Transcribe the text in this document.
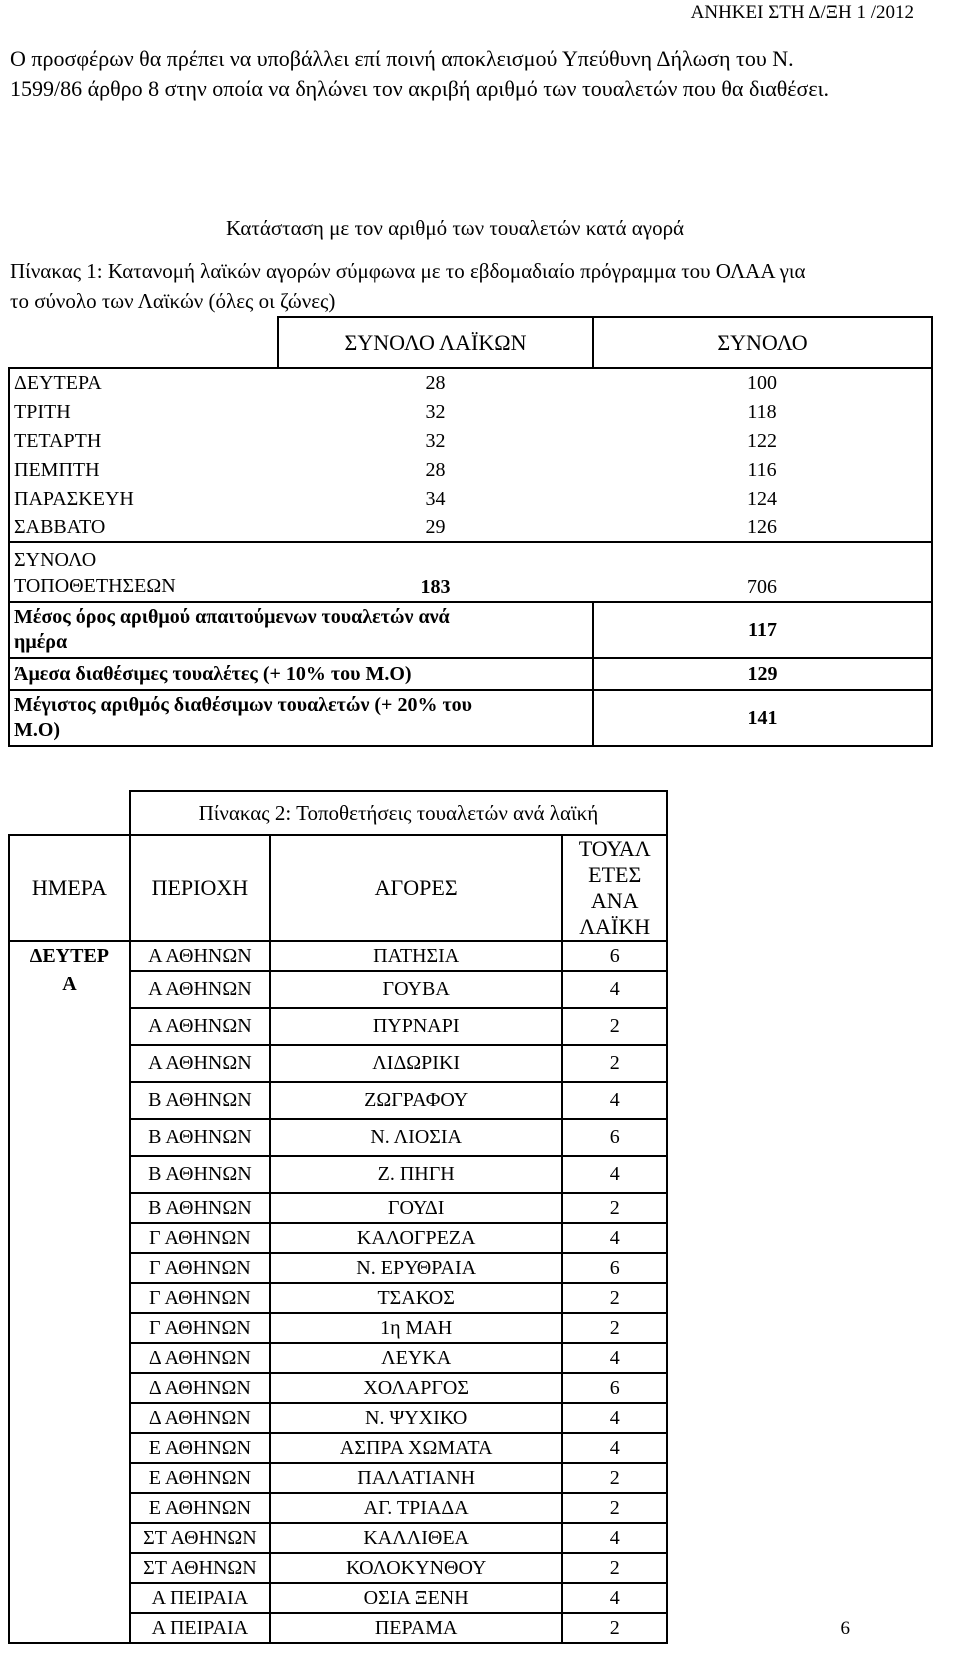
ΑΝΗΚΕΙ ΣΤΗ Δ/ΞΗ 1 /2012
Ο προσφέρων θα πρέπει να υποβάλλει επί ποινή αποκλεισμού Υπεύθυνη Δήλωση του Ν.
1599/86 άρθρο 8 στην οποία να δηλώνει τον ακριβή αριθμό των τουαλετών που θα διαθέσει.
Κατάσταση με τον αριθμό των τουαλετών κατά αγορά
Πίνακας 1: Κατανομή λαϊκών αγορών σύμφωνα με το εβδομαδιαίο πρόγραμμα του ΟΛΑΑ για
το σύνολο των Λαϊκών (όλες οι ζώνες)
	ΣΥΝΟΛΟ ΛΑΪΚΩΝ	ΣΥΝΟΛΟ
ΔΕΥΤΕΡΑ	28	100
ΤΡΙΤΗ	32	118
ΤΕΤΑΡΤΗ	32	122
ΠΕΜΠΤΗ	28	116
ΠΑΡΑΣΚΕΥΗ	34	124
ΣΑΒΒΑΤΟ	29	126

ΣΥΝΟΛΟ
ΤΟΠΟΘΕΤΗΣΕΩΝ	183	706

Μέσος όρος αριθμού απαιτούμενων τουαλετών ανά
ημέρα		117
Άμεσα διαθέσιμες τουαλέτες (+ 10% του Μ.Ο)		129

Μέγιστος αριθμός διαθέσιμων τουαλετών (+ 20% του
Μ.Ο)		141
	Πίνακας 2: Τοποθετήσεις τουαλετών ανά λαϊκή		
ΗΜΕΡΑ	ΠΕΡΙΟΧΗ	ΑΓΟΡΕΣ	ΤΟΥΑΛ
ΕΤΕΣ
ΑΝΑ
ΛΑΪΚΗ

ΔΕΥΤΕΡ
Α	Α ΑΘΗΝΩΝ	ΠΑΤΗΣΙΑ	6
	Α ΑΘΗΝΩΝ	ΓΟΥΒΑ	4
	Α ΑΘΗΝΩΝ	ΠΥΡΝΑΡΙ	2
	Α ΑΘΗΝΩΝ	ΛΙΔΩΡΙΚΙ	2
	Β ΑΘΗΝΩΝ	ΖΩΓΡΑΦΟΥ	4
	Β ΑΘΗΝΩΝ	Ν. ΛΙΟΣΙΑ	6
	Β ΑΘΗΝΩΝ	Ζ. ΠΗΓΗ	4
	Β ΑΘΗΝΩΝ	ΓΟΥΔΙ	2
	Γ ΑΘΗΝΩΝ	ΚΑΛΟΓΡΕΖΑ	4
	Γ ΑΘΗΝΩΝ	Ν. ΕΡΥΘΡΑΙΑ	6
	Γ ΑΘΗΝΩΝ	ΤΣΑΚΟΣ	2
	Γ ΑΘΗΝΩΝ	1η ΜΑΗ	2
	Δ ΑΘΗΝΩΝ	ΛΕΥΚΑ	4
	Δ ΑΘΗΝΩΝ	ΧΟΛΑΡΓΟΣ	6
	Δ ΑΘΗΝΩΝ	Ν. ΨΥΧΙΚΟ	4
	Ε ΑΘΗΝΩΝ	ΑΣΠΡΑ ΧΩΜΑΤΑ	4
	Ε ΑΘΗΝΩΝ	ΠΑΛΑΤΙΑΝΗ	2
	Ε ΑΘΗΝΩΝ	ΑΓ. ΤΡΙΑΔΑ	2
	ΣΤ ΑΘΗΝΩΝ	ΚΑΛΛΙΘΕΑ	4
	ΣΤ ΑΘΗΝΩΝ	ΚΟΛΟΚΥΝΘΟΥ	2
	Α ΠΕΙΡΑΙΑ	ΟΣΙΑ ΞΕΝΗ	4
	Α ΠΕΙΡΑΙΑ	ΠΕΡΑΜΑ	2	6
